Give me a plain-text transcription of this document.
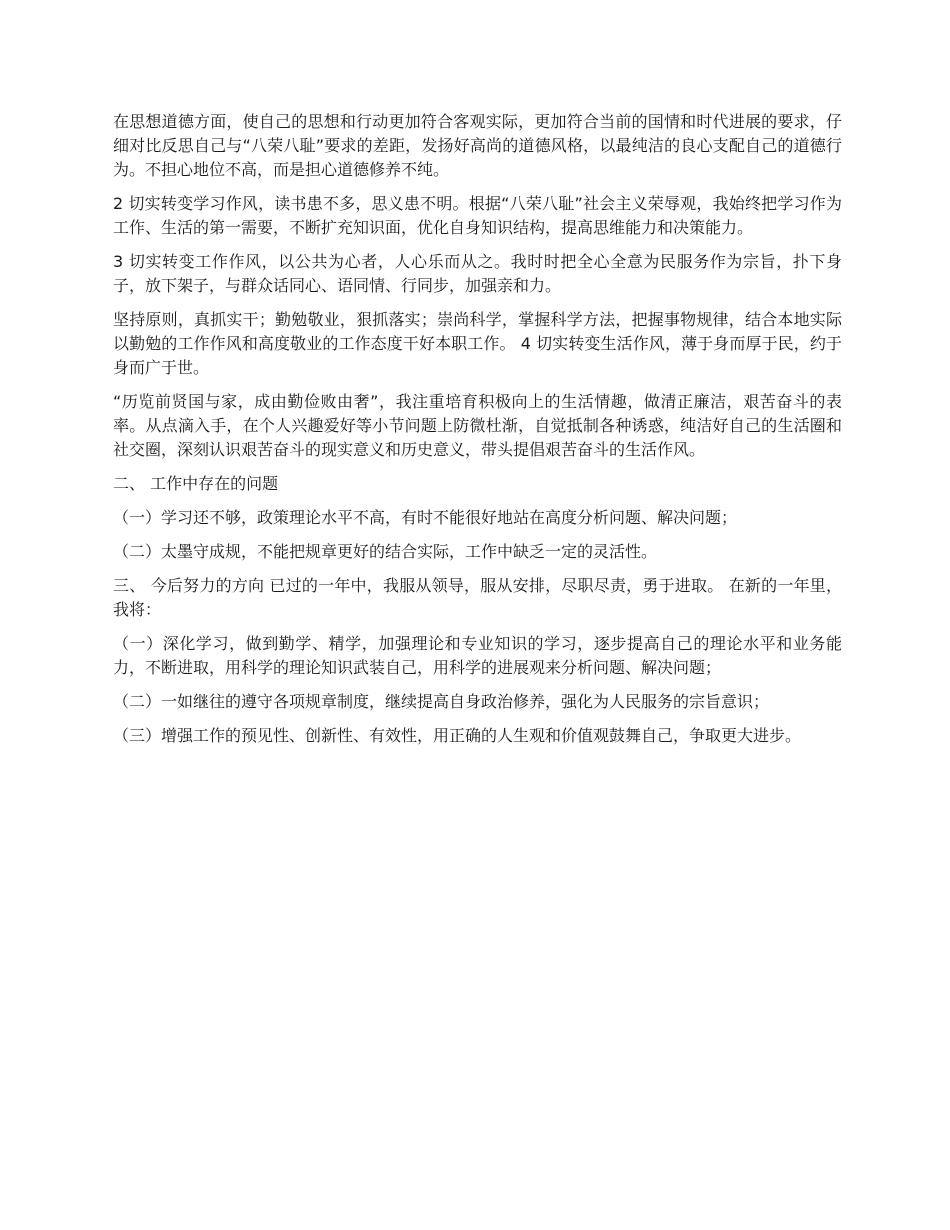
在思想道德方面，使自己的思想和行动更加符合客观实际，更加符合当前的国情和时代进展的要求，仔细对比反思自己与“八荣八耻”要求的差距，发扬好高尚的道德风格，以最纯洁的良心支配自己的道德行为。不担心地位不高，而是担心道德修养不纯。

2 切实转变学习作风，读书患不多，思义患不明。根据“八荣八耻”社会主义荣辱观，我始终把学习作为工作、生活的第一需要，不断扩充知识面，优化自身知识结构，提高思维能力和决策能力。

3 切实转变工作作风，以公共为心者，人心乐而从之。我时时把全心全意为民服务作为宗旨，扑下身子，放下架子，与群众话同心、语同情、行同步，加强亲和力。

坚持原则，真抓实干；勤勉敬业，狠抓落实；崇尚科学，掌握科学方法，把握事物规律，结合本地实际以勤勉的工作作风和高度敬业的工作态度干好本职工作。 4 切实转变生活作风，薄于身而厚于民，约于身而广于世。

“历览前贤国与家，成由勤俭败由奢”，我注重培育积极向上的生活情趣，做清正廉洁，艰苦奋斗的表率。从点滴入手，在个人兴趣爱好等小节问题上防微杜渐，自觉抵制各种诱惑，纯洁好自己的生活圈和社交圈，深刻认识艰苦奋斗的现实意义和历史意义，带头提倡艰苦奋斗的生活作风。

二、 工作中存在的问题

（一）学习还不够，政策理论水平不高，有时不能很好地站在高度分析问题、解决问题；

（二）太墨守成规，不能把规章更好的结合实际，工作中缺乏一定的灵活性。

三、 今后努力的方向 已过的一年中，我服从领导，服从安排，尽职尽责，勇于进取。 在新的一年里，我将：

（一）深化学习，做到勤学、精学，加强理论和专业知识的学习，逐步提高自己的理论水平和业务能力，不断进取，用科学的理论知识武装自己，用科学的进展观来分析问题、解决问题；

（二）一如继往的遵守各项规章制度，继续提高自身政治修养，强化为人民服务的宗旨意识；

（三）增强工作的预见性、创新性、有效性，用正确的人生观和价值观鼓舞自己，争取更大进步。
